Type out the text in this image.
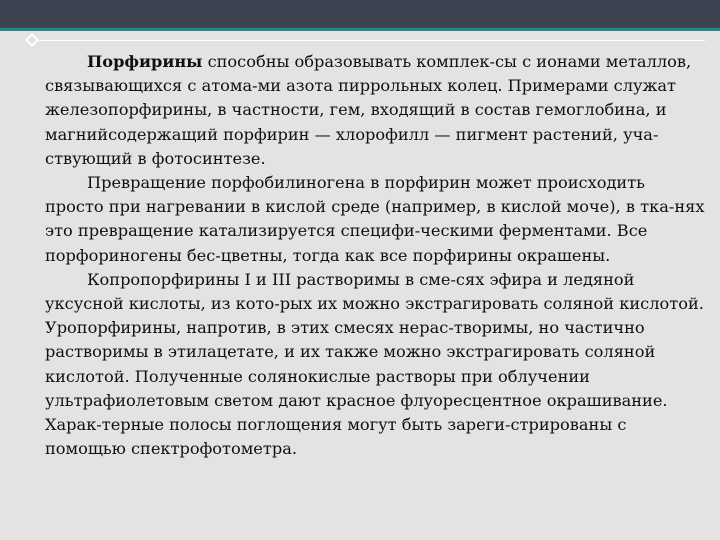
Порфирины способны образовывать комплек-сы с ионами металлов, связывающихся с атома-ми азота пиррольных колец. Примерами служат железопорфирины, в частности, гем, входящий в состав гемоглобина, и магнийсодержащий порфирин — хлорофилл — пигмент растений, уча-ствующий в фотосинтезе.

Превращение порфобилиногена в порфирин может происходить просто при нагревании в кислой среде (например, в кислой моче), в тка-нях это превращение катализируется специфи-ческими ферментами. Все порфориногены бес-цветны, тогда как все порфирины окрашены.

Копропорфирины I и III растворимы в сме-сях эфира и ледяной уксусной кислоты, из кото-рых их можно экстрагировать соляной кислотой. Уропорфирины, напротив, в этих смесях нерас-творимы, но частично растворимы в этилацетате, и их также можно экстрагировать соляной кислотой. Полученные солянокислые растворы при облучении ультрафиолетовым светом дают красное флуоресцентное окрашивание. Харак-терные полосы поглощения могут быть зареги-стрированы с помощью спектрофотометра.
